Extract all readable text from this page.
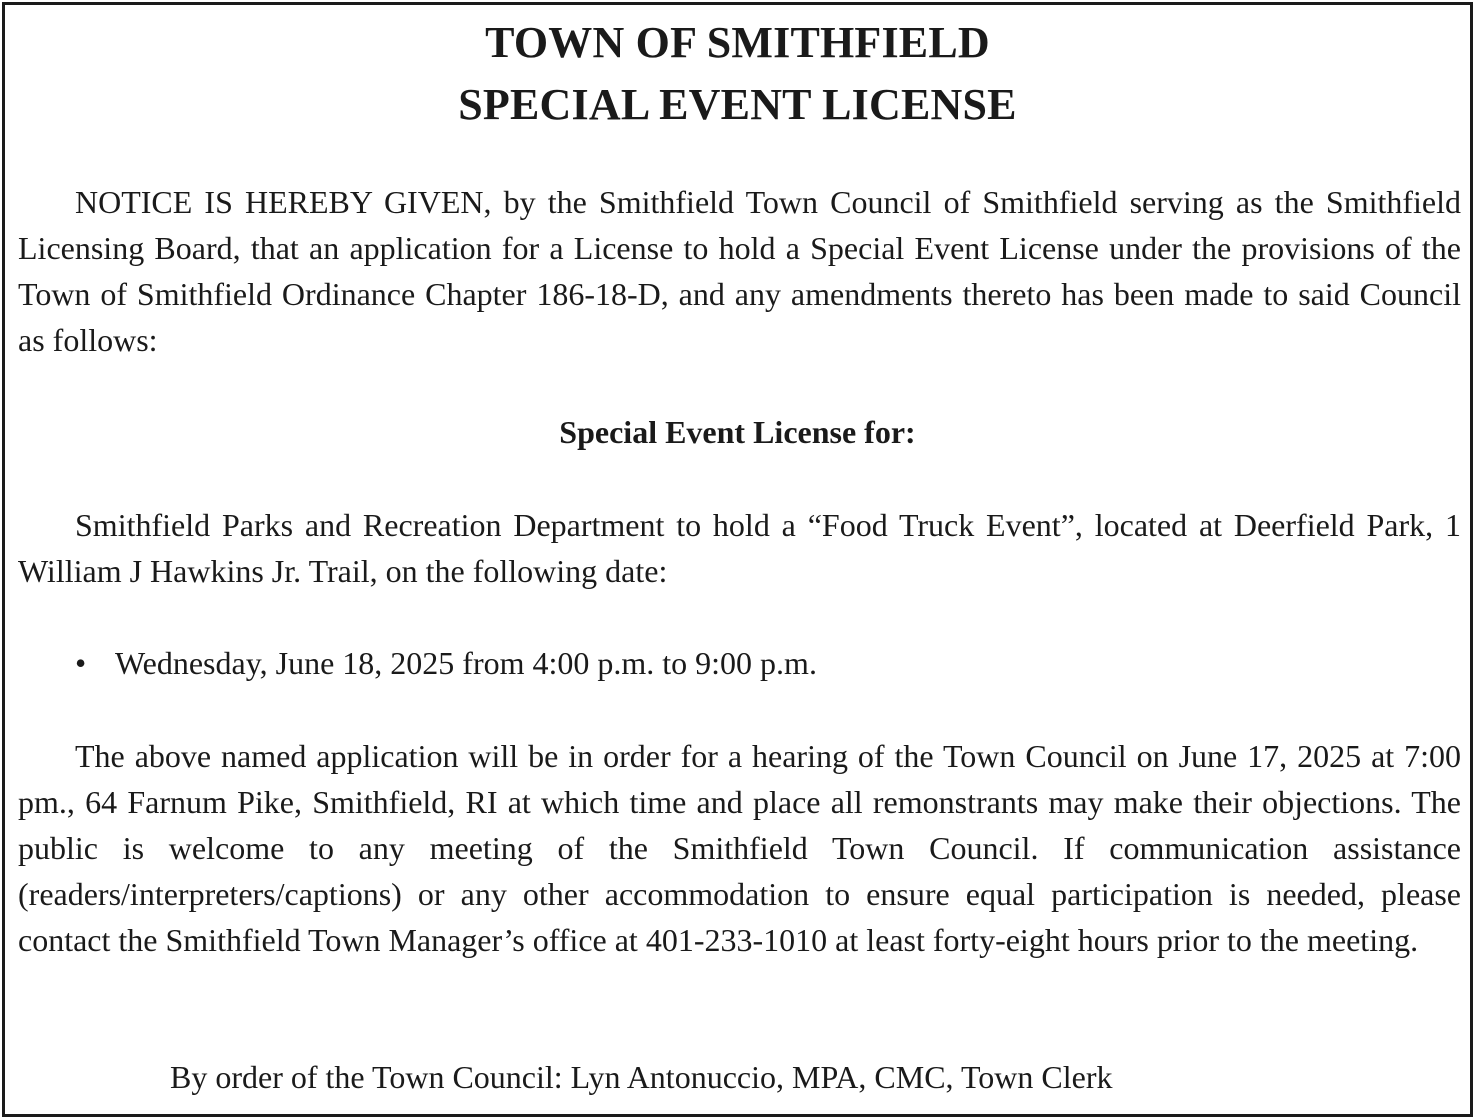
TOWN OF SMITHFIELD
SPECIAL EVENT LICENSE

NOTICE IS HEREBY GIVEN, by the Smithfield Town Council of Smithfield serving as the Smithfield Licensing Board, that an application for a License to hold a Special Event License under the provisions of the Town of Smithfield Ordinance Chapter 186-18-D, and any amendments thereto has been made to said Council as follows:

Special Event License for:

Smithfield Parks and Recreation Department to hold a “Food Truck Event”, located at Deerfield Park, 1 William J Hawkins Jr. Trail, on the following date:

• Wednesday, June 18, 2025 from 4:00 p.m. to 9:00 p.m.

The above named application will be in order for a hearing of the Town Council on June 17, 2025 at 7:00 pm., 64 Farnum Pike, Smithfield, RI at which time and place all remonstrants may make their objections. The public is welcome to any meeting of the Smithfield Town Council. If communication assistance (readers/interpreters/captions) or any other accommodation to ensure equal participation is needed, please contact the Smithfield Town Manager’s office at 401-233-1010 at least forty-eight hours prior to the meeting.

By order of the Town Council: Lyn Antonuccio, MPA, CMC, Town Clerk
